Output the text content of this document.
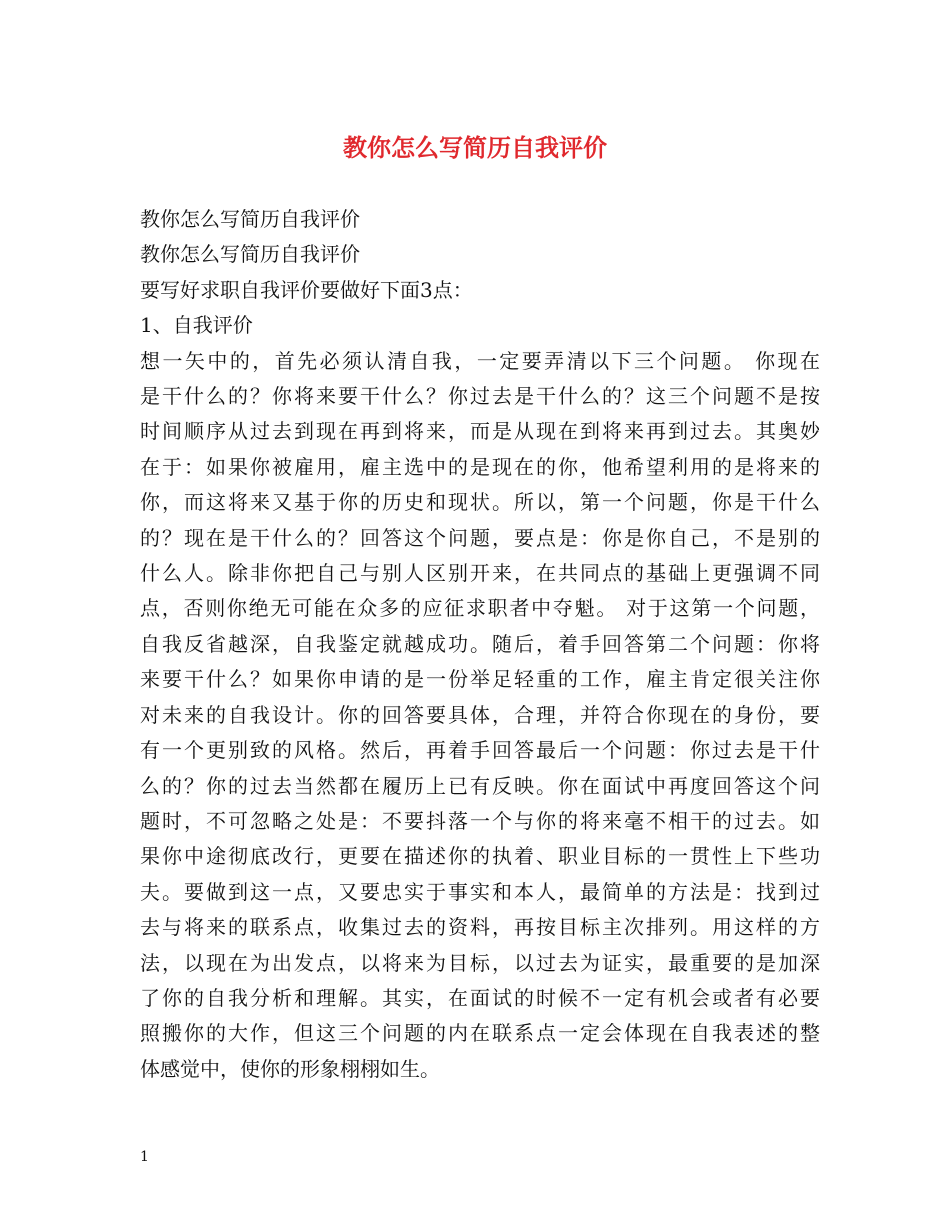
教你怎么写简历自我评价

教你怎么写简历自我评价

教你怎么写简历自我评价

要写好求职自我评价要做好下面3点：

1、自我评价

想一矢中的，首先必须认清自我，一定要弄清以下三个问题。 你现在

是干什么的？你将来要干什么？你过去是干什么的？这三个问题不是按

时间顺序从过去到现在再到将来，而是从现在到将来再到过去。其奥妙

在于：如果你被雇用，雇主选中的是现在的你，他希望利用的是将来的

你，而这将来又基于你的历史和现状。所以，第一个问题，你是干什么

的？现在是干什么的？回答这个问题，要点是：你是你自己，不是别的

什么人。除非你把自己与别人区别开来，在共同点的基础上更强调不同

点，否则你绝无可能在众多的应征求职者中夺魁。 对于这第一个问题，

自我反省越深，自我鉴定就越成功。随后，着手回答第二个问题：你将

来要干什么？如果你申请的是一份举足轻重的工作，雇主肯定很关注你

对未来的自我设计。你的回答要具体，合理，并符合你现在的身份，要

有一个更别致的风格。然后，再着手回答最后一个问题：你过去是干什

么的？你的过去当然都在履历上已有反映。你在面试中再度回答这个问

题时，不可忽略之处是：不要抖落一个与你的将来毫不相干的过去。如

果你中途彻底改行，更要在描述你的执着、职业目标的一贯性上下些功

夫。要做到这一点，又要忠实于事实和本人，最简单的方法是：找到过

去与将来的联系点，收集过去的资料，再按目标主次排列。用这样的方

法，以现在为出发点，以将来为目标，以过去为证实，最重要的是加深

了你的自我分析和理解。其实，在面试的时候不一定有机会或者有必要

照搬你的大作，但这三个问题的内在联系点一定会体现在自我表述的整

体感觉中，使你的形象栩栩如生。

1
